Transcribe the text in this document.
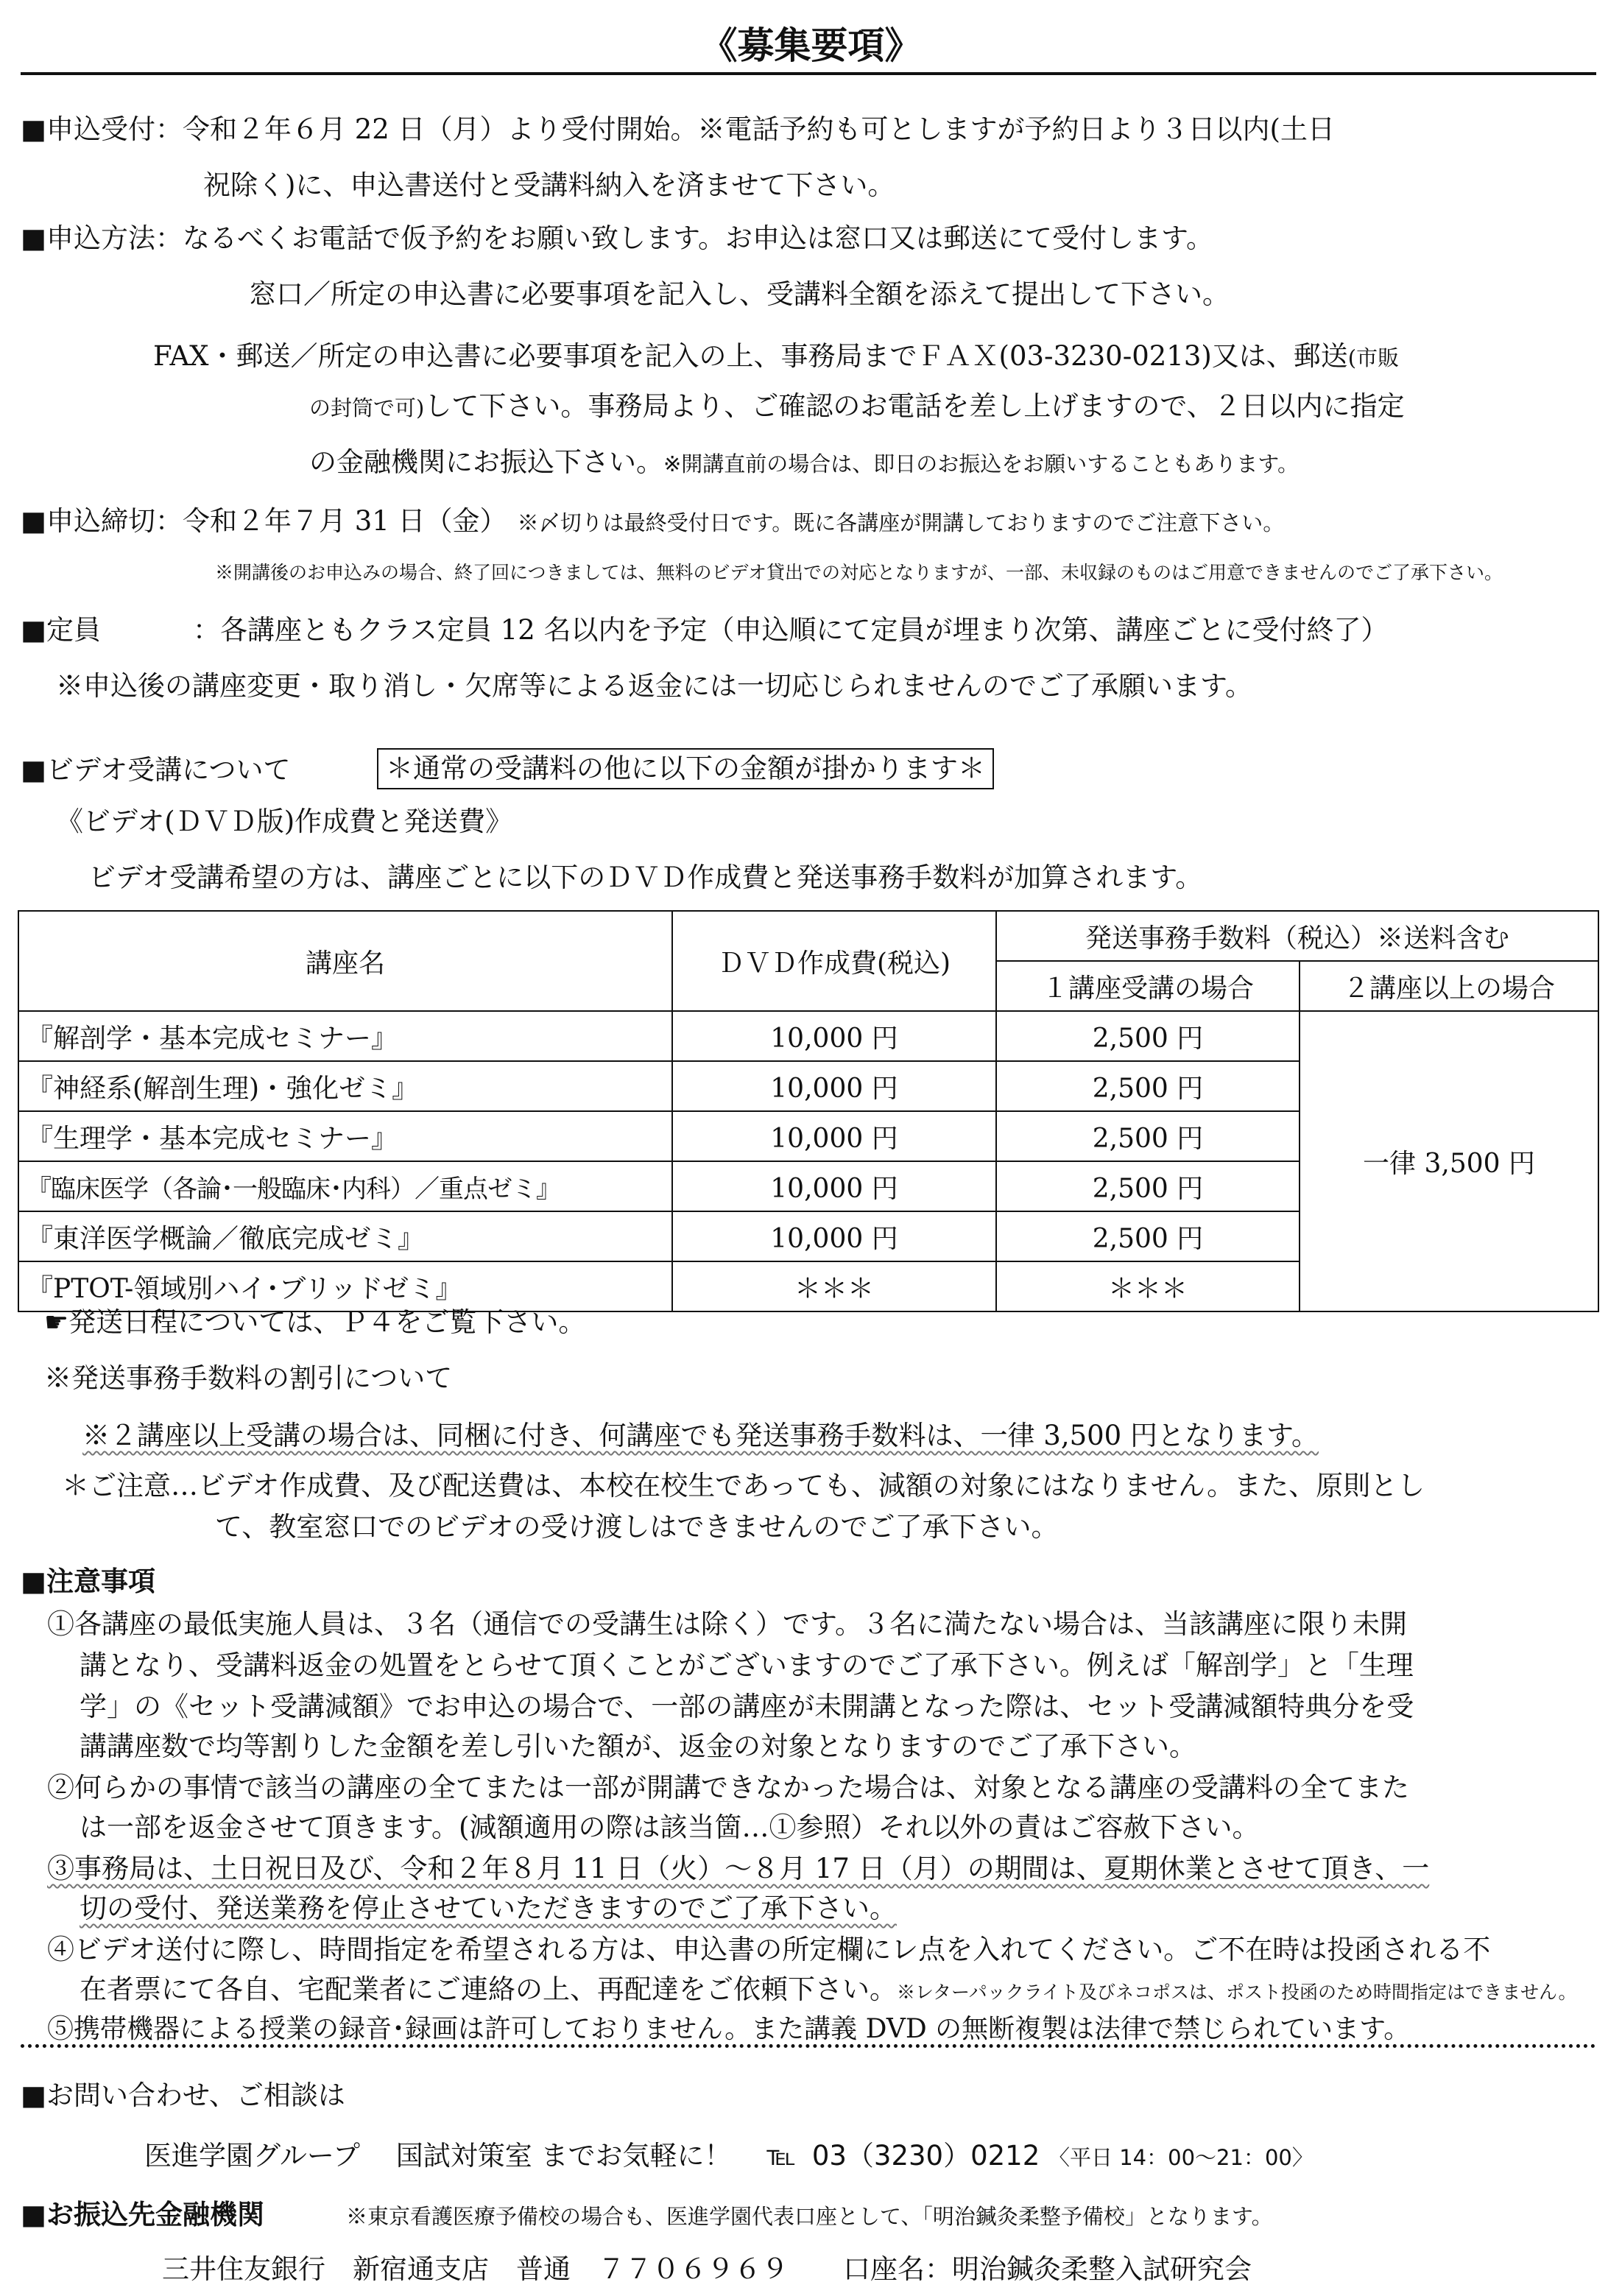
《募集要項》
■申込受付：令和２年６月 22 日（月）より受付開始。※電話予約も可としますが予約日より３日以内(土日
祝除く)に、申込書送付と受講料納入を済ませて下さい。
■申込方法：なるべくお電話で仮予約をお願い致します。お申込は窓口又は郵送にて受付します。
窓口／所定の申込書に必要事項を記入し、受講料全額を添えて提出して下さい。
FAX・郵送／所定の申込書に必要事項を記入の上、事務局までＦＡＸ(03-3230-0213)又は、郵送(市販
の封筒で可)して下さい。事務局より、ご確認のお電話を差し上げますので、２日以内に指定
の金融機関にお振込下さい。※開講直前の場合は、即日のお振込をお願いすることもあります。
■申込締切：令和２年７月 31 日（金） ※〆切りは最終受付日です。既に各講座が開講しておりますのでご注意下さい。
※開講後のお申込みの場合、終了回につきましては、無料のビデオ貸出での対応となりますが、一部、未収録のものはご用意できませんのでご了承下さい。
■定員	：各講座ともクラス定員 12 名以内を予定（申込順にて定員が埋まり次第、講座ごとに受付終了）
※申込後の講座変更・取り消し・欠席等による返金には一切応じられませんのでご了承願います。
■ビデオ受講について	＊通常の受講料の他に以下の金額が掛かります＊
《ビデオ(ＤＶＤ版)作成費と発送費》
ビデオ受講希望の方は、講座ごとに以下のＤＶＤ作成費と発送事務手数料が加算されます。
講座名	ＤＶＤ作成費(税込)	発送事務手数料（税込）※送料含む	
		１講座受講の場合	２講座以上の場合
『解剖学・基本完成セミナー』	10,000 円	2,500 円	一律 3,500 円
『神経系(解剖生理)・強化ゼミ』	10,000 円	2,500 円	
『生理学・基本完成セミナー』	10,000 円	2,500 円	
『臨床医学（各論･一般臨床･内科）／重点ゼミ』	10,000 円	2,500 円	
『東洋医学概論／徹底完成ゼミ』	10,000 円	2,500 円	
『PTOT-領域別ハイ･ブリッドゼミ』	＊＊＊	＊＊＊	
☛発送日程については、Ｐ４をご覧下さい。
※発送事務手数料の割引について
※２講座以上受講の場合は、同梱に付き、何講座でも発送事務手数料は、一律 3,500 円となります。
＊ご注意…ビデオ作成費、及び配送費は、本校在校生であっても、減額の対象にはなりません。また、原則とし
て、教室窓口でのビデオの受け渡しはできませんのでご了承下さい。
■注意事項
①各講座の最低実施人員は、３名（通信での受講生は除く）です。３名に満たない場合は、当該講座に限り未開
講となり、受講料返金の処置をとらせて頂くことがございますのでご了承下さい。例えば「解剖学」と「生理
学」の《セット受講減額》でお申込の場合で、一部の講座が未開講となった際は、セット受講減額特典分を受
講講座数で均等割りした金額を差し引いた額が、返金の対象となりますのでご了承下さい。
②何らかの事情で該当の講座の全てまたは一部が開講できなかった場合は、対象となる講座の受講料の全てまた
は一部を返金させて頂きます。(減額適用の際は該当箇…①参照）それ以外の責はご容赦下さい。
③事務局は、土日祝日及び、令和２年８月 11 日（火）～８月 17 日（月）の期間は、夏期休業とさせて頂き、一
切の受付、発送業務を停止させていただきますのでご了承下さい。
④ビデオ送付に際し、時間指定を希望される方は、申込書の所定欄にレ点を入れてください。ご不在時は投函される不
在者票にて各自、宅配業者にご連絡の上、再配達をご依頼下さい。※レターパックライト及びネコポスは、ポスト投函のため時間指定はできません。
⑤携帯機器による授業の録音･録画は許可しておりません。また講義 DVD の無断複製は法律で禁じられています。
■お問い合わせ、ご相談は
医進学園グループ　 国試対策室 までお気軽に！ ℡ 03（3230）0212 〈平日 14：00～21：00〉
■お振込先金融機関	※東京看護医療予備校の場合も、医進学園代表口座として、「明治鍼灸柔整予備校」となります。
三井住友銀行　新宿通支店　普通　７７０６９６９　　口座名：明治鍼灸柔整入試研究会
